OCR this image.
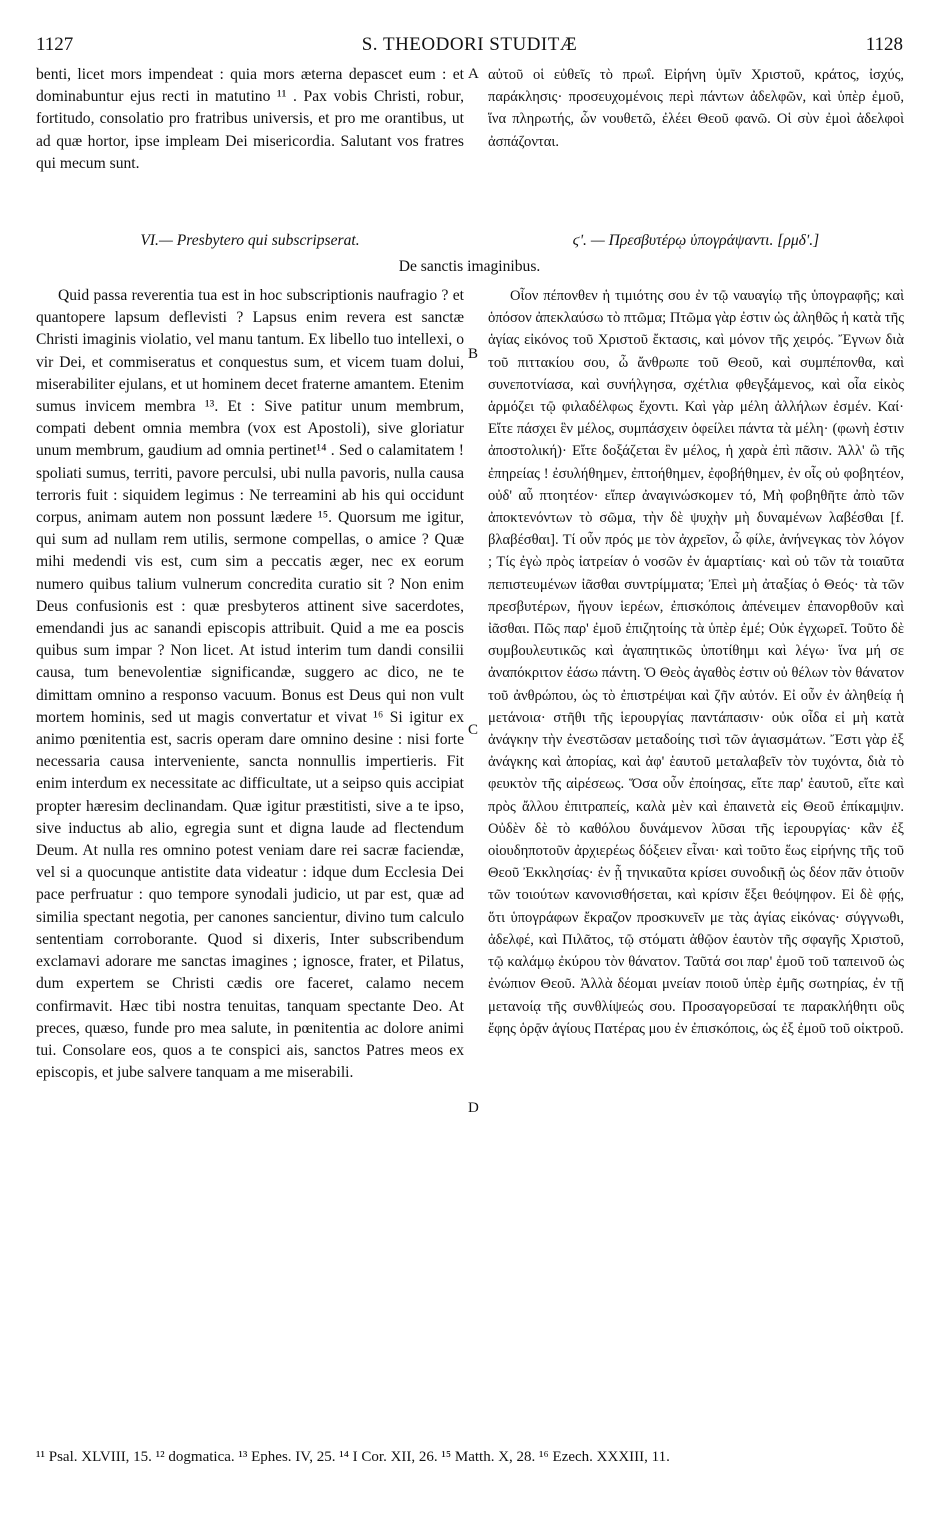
1127	S. THEODORI STUDITÆ	1128

benti, licet mors impendeat : quia mors æterna depascet eum : et dominabuntur ejus recti in matutino ¹¹ . Pax vobis Christi, robur, fortitudo, consolatio pro fratribus universis, et pro me orantibus, ut ad quæ hortor, ipse impleam Dei misericordia. Salutant vos fratres qui mecum sunt.

αὐτοῦ οἱ εὐθεῖς τὸ πρωΐ. Εἰρήνη ὑμῖν Χριστοῦ, κράτος, ἰσχύς, παράκλησις· προσευχομένοις περὶ πάντων ἀδελφῶν, καὶ ὑπὲρ ἐμοῦ, ἵνα πληρωτής, ὧν νουθετῶ, ἐλέει Θεοῦ φανῶ. Οἱ σὺν ἐμοὶ ἀδελφοὶ ἀσπάζονται.

VI.— Presbytero qui subscripserat.	ϛʹ. — Πρεσβυτέρῳ ὑπογράψαντι. [ρμδʹ.]
De sanctis imaginibus.

Quid passa reverentia tua est in hoc subscriptionis naufragio ? et quantopere lapsum deflevisti ? Lapsus enim revera est sanctæ Christi imaginis violatio, vel manu tantum. Ex libello tuo intellexi, o vir Dei, et commiseratus et conquestus sum, et vicem tuam dolui, miserabiliter ejulans, et ut hominem decet fraterne amantem. Etenim sumus invicem membra ¹³. Et : Sive patitur unum membrum, compati debent omnia membra (vox est Apostoli), sive gloriatur unum membrum, gaudium ad omnia pertinet¹⁴ . Sed o calamitatem ! spoliati sumus, territi, pavore perculsi, ubi nulla pavoris, nulla causa terroris fuit : siquidem legimus : Ne terreamini ab his qui occidunt corpus, animam autem non possunt lædere ¹⁵. Quorsum me igitur, qui sum ad nullam rem utilis, sermone compellas, o amice ? Quæ mihi medendi vis est, cum sim a peccatis æger, nec ex eorum numero quibus talium vulnerum concredita curatio sit ? Non enim Deus confusionis est : quæ presbyteros attinent sive sacerdotes, emendandi jus ac sanandi episcopis attribuit. Quid a me ea poscis quibus sum impar ? Non licet. At istud interim tum dandi consilii causa, tum benevolentiæ significandæ, suggero ac dico, ne te dimittam omnino a responso vacuum. Bonus est Deus qui non vult mortem hominis, sed ut magis convertatur et vivat ¹⁶ Si igitur ex animo pœnitentia est, sacris operam dare omnino desine : nisi forte necessaria causa interveniente, sancta nonnullis impertieris. Fit enim interdum ex necessitate ac difficultate, ut a seipso quis accipiat propter hæresim declinandam. Quæ igitur præstitisti, sive a te ipso, sive inductus ab alio, egregia sunt et digna laude ad flectendum Deum. At nulla res omnino potest veniam dare rei sacræ faciendæ, vel si a quocunque antistite data videatur : idque dum Ecclesia Dei pace perfruatur : quo tempore synodali judicio, ut par est, quæ ad similia spectant negotia, per canones sancientur, divino tum calculo sententiam corroborante. Quod si dixeris, Inter subscribendum exclamavi adorare me sanctas imagines ; ignosce, frater, et Pilatus, dum expertem se Christi cædis ore faceret, calamo necem confirmavit. Hæc tibi nostra tenuitas, tanquam spectante Deo. At preces, quæso, funde pro mea salute, in pœnitentia ac dolore animi tui. Consolare eos, quos a te conspici ais, sanctos Patres meos ex episcopis, et jube salvere tanquam a me miserabili.

Οἷον πέπονθεν ἡ τιμιότης σου ἐν τῷ ναυαγίῳ τῆς ὑπογραφῆς; καὶ ὁπόσον ἀπεκλαύσω τὸ πτῶμα; Πτῶμα γὰρ ἐστιν ὡς ἀληθῶς ἡ κατὰ τῆς ἁγίας εἰκόνος τοῦ Χριστοῦ ἔκτασις, καὶ μόνον τῆς χειρός. Ἔγνων διὰ τοῦ πιττακίου σου, ὦ ἄνθρωπε τοῦ Θεοῦ, καὶ συμπέπονθα, καὶ συνεποτνίασα, καὶ συνήλγησα, σχέτλια φθεγξάμενος, καὶ οἷα εἰκὸς ἁρμόζει τῷ φιλαδέλφως ἔχοντι. Καὶ γὰρ μέλη ἀλλήλων ἐσμέν. Καί· Εἴτε πάσχει ἓν μέλος, συμπάσχειν ὀφείλει πάντα τὰ μέλη· (φωνὴ ἐστιν ἀποστολική)· Εἴτε δοξάζεται ἓν μέλος, ἡ χαρὰ ἐπὶ πᾶσιν. Ἀλλ' ὢ τῆς ἐπηρείας ! ἐσυλήθημεν, ἐπτοήθημεν, ἐφοβήθημεν, ἐν οἷς οὐ φοβητέον, οὐδ' αὖ πτοητέον· εἴπερ ἀναγινώσκομεν τό, Μὴ φοβηθῆτε ἀπὸ τῶν ἀποκτενόντων τὸ σῶμα, τὴν δὲ ψυχὴν μὴ δυναμένων λαβέσθαι [f. βλαβέσθαι]. Τί οὖν πρός με τὸν ἀχρεῖον, ὦ φίλε, ἀνήνεγκας τὸν λόγον ; Τίς ἐγὼ πρὸς ἰατρείαν ὁ νοσῶν ἐν ἁμαρτίαις· καὶ οὐ τῶν τὰ τοιαῦτα πεπιστευμένων ἰᾶσθαι συντρίμματα; Ἐπεὶ μὴ ἀταξίας ὁ Θεός· τὰ τῶν πρεσβυτέρων, ἤγουν ἱερέων, ἐπισκόποις ἀπένειμεν ἐπανορθοῦν καὶ ἰᾶσθαι. Πῶς παρ' ἐμοῦ ἐπιζητοίης τὰ ὑπὲρ ἐμέ; Οὐκ ἐγχωρεῖ. Τοῦτο δὲ συμβουλευτικῶς καὶ ἀγαπητικῶς ὑποτίθημι καὶ λέγω· ἵνα μή σε ἀναπόκριτον ἐάσω πάντη. Ὁ Θεὸς ἀγαθὸς ἐστιν οὐ θέλων τὸν θάνατον τοῦ ἀνθρώπου, ὡς τὸ ἐπιστρέψαι καὶ ζῆν αὐτόν. Εἰ οὖν ἐν ἀληθείᾳ ἡ μετάνοια· στῆθι τῆς ἱερουργίας παντάπασιν· οὐκ οἶδα εἰ μὴ κατὰ ἀνάγκην τὴν ἐνεστῶσαν μεταδοίης τισὶ τῶν ἁγιασμάτων. Ἔστι γὰρ ἐξ ἀνάγκης καὶ ἀπορίας, καὶ ἀφ' ἑαυτοῦ μεταλαβεῖν τὸν τυχόντα, διὰ τὸ φευκτὸν τῆς αἱρέσεως. Ὅσα οὖν ἐποίησας, εἴτε παρ' ἑαυτοῦ, εἴτε καὶ πρὸς ἄλλου ἐπιτραπείς, καλὰ μὲν καὶ ἐπαινετὰ εἰς Θεοῦ ἐπίκαμψιν. Οὐδὲν δὲ τὸ καθόλου δυνάμενον λῦσαι τῆς ἱερουργίας· κἂν ἐξ οἱουδηποτοῦν ἀρχιερέως δόξειεν εἶναι· καὶ τοῦτο ἕως εἰρήνης τῆς τοῦ Θεοῦ Ἐκκλησίας· ἐν ᾗ τηνικαῦτα κρίσει συνοδικῇ ὡς δέον πᾶν ὁτιοῦν τῶν τοιούτων κανονισθήσεται, καὶ κρίσιν ἕξει θεόψηφον. Εἰ δὲ φῄς, ὅτι ὑπογράφων ἔκραζον προσκυνεῖν με τὰς ἁγίας εἰκόνας· σύγγνωθι, ἀδελφέ, καὶ Πιλᾶτος, τῷ στόματι ἀθῷον ἑαυτὸν τῆς σφαγῆς Χριστοῦ, τῷ καλάμῳ ἐκύρου τὸν θάνατον. Ταῦτά σοι παρ' ἐμοῦ τοῦ ταπεινοῦ ὡς ἐνώπιον Θεοῦ. Ἀλλὰ δέομαι μνείαν ποιοῦ ὑπὲρ ἐμῆς σωτηρίας, ἐν τῇ μετανοίᾳ τῆς συνθλίψεώς σου. Προσαγορεῦσαί τε παρακλήθητι οὓς ἔφης ὁρᾷν ἁγίους Πατέρας μου ἐν ἐπισκόποις, ὡς ἐξ ἐμοῦ τοῦ οἰκτροῦ.

A
B
C
D
¹¹ Psal. XLVIII, 15. ¹² dogmatica. ¹³ Ephes. IV, 25. ¹⁴ I Cor. XII, 26. ¹⁵ Matth. X, 28. ¹⁶ Ezech. XXXIII, 11.
